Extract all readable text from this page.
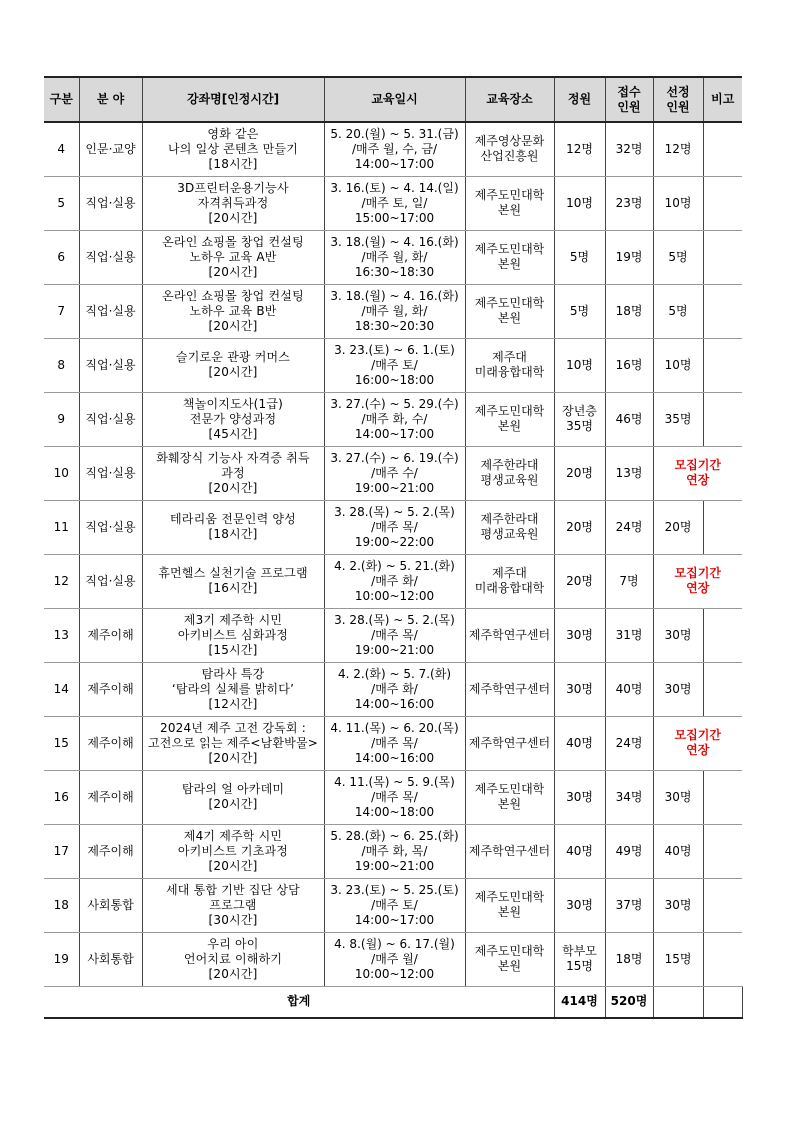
구분	분 야	강좌명[인정시간]	교육일시	교육장소	정원	접수
인원	선정
인원	비고
4	인문·교양	영화 같은
나의 일상 콘텐츠 만들기
[18시간]	5. 20.(월) ~ 5. 31.(금)
/매주 월, 수, 금/
14:00~17:00	제주영상문화
산업진흥원	12명	32명	12명	
5	직업·실용	3D프린터운용기능사
자격취득과정
[20시간]	3. 16.(토) ~ 4. 14.(일)
/매주 토, 일/
15:00~17:00	제주도민대학
본원	10명	23명	10명	
6	직업·실용	온라인 쇼핑몰 창업 컨설팅
노하우 교육 A반
[20시간]	3. 18.(월) ~ 4. 16.(화)
/매주 월, 화/
16:30~18:30	제주도민대학
본원	5명	19명	5명	
7	직업·실용	온라인 쇼핑몰 창업 컨설팅
노하우 교육 B반
[20시간]	3. 18.(월) ~ 4. 16.(화)
/매주 월, 화/
18:30~20:30	제주도민대학
본원	5명	18명	5명	
8	직업·실용	슬기로운 관광 커머스
[20시간]	3. 23.(토) ~ 6. 1.(토)
/매주 토/
16:00~18:00	제주대
미래융합대학	10명	16명	10명	
9	직업·실용	책놀이지도사(1급)
전문가 양성과정
[45시간]	3. 27.(수) ~ 5. 29.(수)
/매주 화, 수/
14:00~17:00	제주도민대학
본원	장년층
35명	46명	35명	
10	직업·실용	화훼장식 기능사 자격증 취득
과정
[20시간]	3. 27.(수) ~ 6. 19.(수)
/매주 수/
19:00~21:00	제주한라대
평생교육원	20명	13명	모집기간
연장	
11	직업·실용	테라리움 전문인력 양성
[18시간]	3. 28.(목) ~ 5. 2.(목)
/매주 목/
19:00~22:00	제주한라대
평생교육원	20명	24명	20명	
12	직업·실용	휴먼헬스 실천기술 프로그램
[16시간]	4. 2.(화) ~ 5. 21.(화)
/매주 화/
10:00~12:00	제주대
미래융합대학	20명	7명	모집기간
연장	
13	제주이해	제3기 제주학 시민
아키비스트 심화과정
[15시간]	3. 28.(목) ~ 5. 2.(목)
/매주 목/
19:00~21:00	제주학연구센터	30명	31명	30명	
14	제주이해	탐라사 특강
‘탐라의 실체를 밝히다’
[12시간]	4. 2.(화) ~ 5. 7.(화)
/매주 화/
14:00~16:00	제주학연구센터	30명	40명	30명	
15	제주이해	2024년 제주 고전 강독회 :
고전으로 읽는 제주<남환박물>
[20시간]	4. 11.(목) ~ 6. 20.(목)
/매주 목/
14:00~16:00	제주학연구센터	40명	24명	모집기간
연장	
16	제주이해	탐라의 얼 아카데미
[20시간]	4. 11.(목) ~ 5. 9.(목)
/매주 목/
14:00~18:00	제주도민대학
본원	30명	34명	30명	
17	제주이해	제4기 제주학 시민
아키비스트 기초과정
[20시간]	5. 28.(화) ~ 6. 25.(화)
/매주 화, 목/
19:00~21:00	제주학연구센터	40명	49명	40명	
18	사회통합	세대 통합 기반 집단 상담
프로그램
[30시간]	3. 23.(토) ~ 5. 25.(토)
/매주 토/
14:00~17:00	제주도민대학
본원	30명	37명	30명	
19	사회통합	우리 아이
언어치료 이해하기
[20시간]	4. 8.(월) ~ 6. 17.(월)
/매주 월/
10:00~12:00	제주도민대학
본원	학부모
15명	18명	15명	
합계					414명	520명		
